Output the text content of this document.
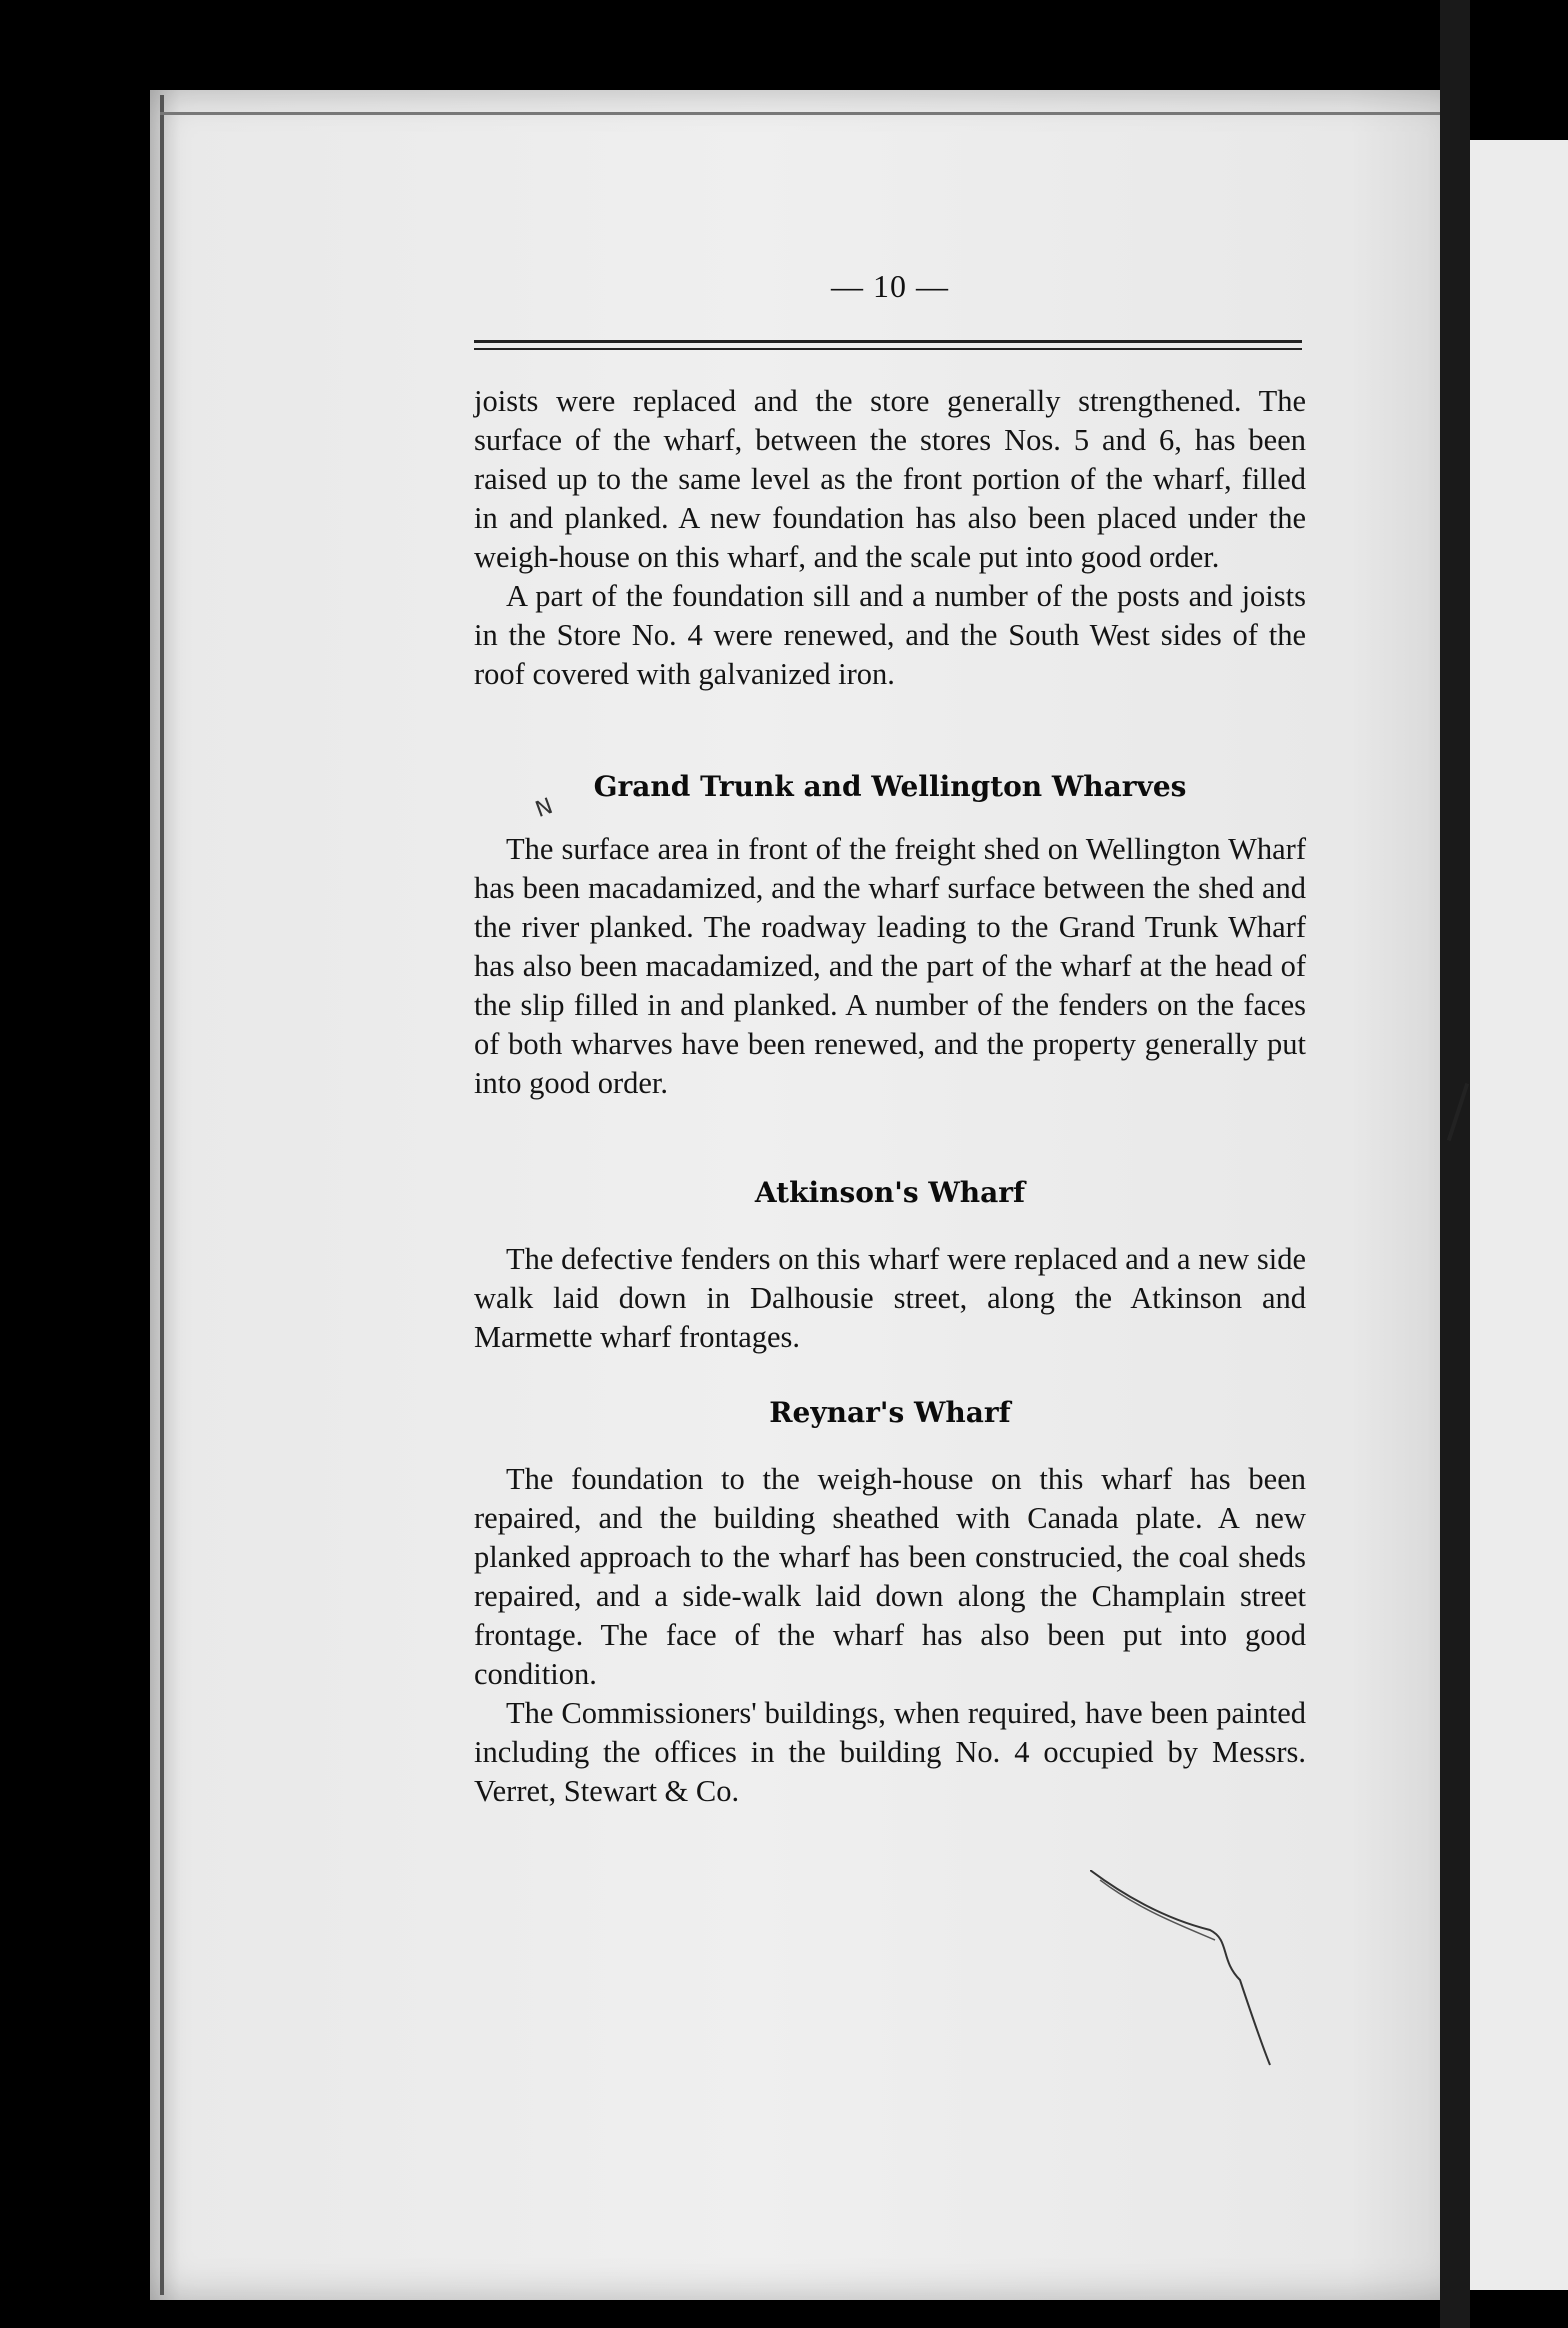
— 10 —

joists were replaced and the store generally strengthened. The surface of the wharf, between the stores Nos. 5 and 6, has been raised up to the same level as the front portion of the wharf, filled in and planked. A new foundation has also been placed under the weigh-house on this wharf, and the scale put into good order.

A part of the foundation sill and a number of the posts and joists in the Store No. 4 were renewed, and the South West sides of the roof covered with galvanized iron.

Grand Trunk and Wellington Wharves
N

The surface area in front of the freight shed on Wellington Wharf has been macadamized, and the wharf surface between the shed and the river planked. The roadway leading to the Grand Trunk Wharf has also been macadamized, and the part of the wharf at the head of the slip filled in and planked. A number of the fenders on the faces of both wharves have been renewed, and the property generally put into good order.

Atkinson's Wharf

The defective fenders on this wharf were replaced and a new side walk laid down in Dalhousie street, along the Atkinson and Marmette wharf frontages.

Reynar's Wharf

The foundation to the weigh-house on this wharf has been repaired, and the building sheathed with Canada plate. A new planked approach to the wharf has been construcied, the coal sheds repaired, and a side-walk laid down along the Champlain street frontage. The face of the wharf has also been put into good condition.

The Commissioners' buildings, when required, have been painted including the offices in the building No. 4 occupied by Messrs. Verret, Stewart & Co.
